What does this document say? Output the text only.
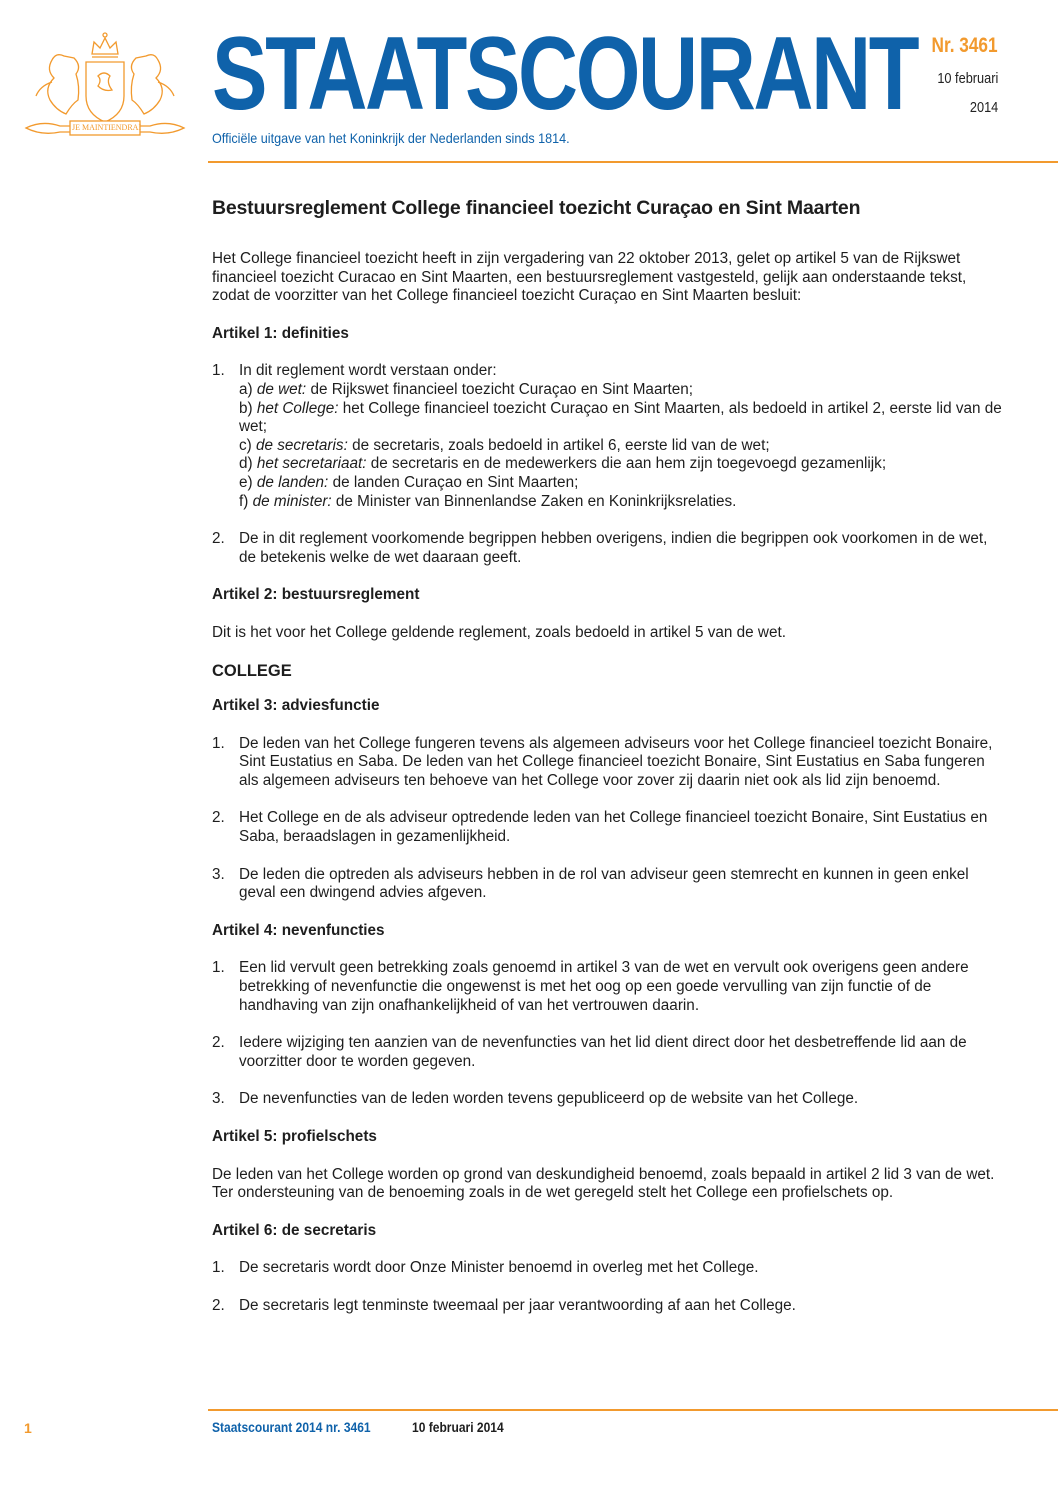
JE MAINTIENDRAI STAATSCOURANT
Officiële uitgave van het Koninkrijk der Nederlanden sinds 1814.
Nr. 3461
10 februari
2014
Bestuursreglement College financieel toezicht Curaçao en Sint Maarten
Het College financieel toezicht heeft in zijn vergadering van 22 oktober 2013, gelet op artikel 5 van de Rijkswet financieel toezicht Curacao en Sint Maarten, een bestuursreglement vastgesteld, gelijk aan onderstaande tekst, zodat de voorzitter van het College financieel toezicht Curaçao en Sint Maarten besluit:
Artikel 1: definities
1. In dit reglement wordt verstaan onder:
a) de wet: de Rijkswet financieel toezicht Curaçao en Sint Maarten;
b) het College: het College financieel toezicht Curaçao en Sint Maarten, als bedoeld in artikel 2, eerste lid van de wet;
c) de secretaris: de secretaris, zoals bedoeld in artikel 6, eerste lid van de wet;
d) het secretariaat: de secretaris en de medewerkers die aan hem zijn toegevoegd gezamenlijk;
e) de landen: de landen Curaçao en Sint Maarten;
f) de minister: de Minister van Binnenlandse Zaken en Koninkrijksrelaties.
2. De in dit reglement voorkomende begrippen hebben overigens, indien die begrippen ook voorkomen in de wet, de betekenis welke de wet daaraan geeft.
Artikel 2: bestuursreglement
Dit is het voor het College geldende reglement, zoals bedoeld in artikel 5 van de wet.
COLLEGE
Artikel 3: adviesfunctie
1. De leden van het College fungeren tevens als algemeen adviseurs voor het College financieel toezicht Bonaire, Sint Eustatius en Saba. De leden van het College financieel toezicht Bonaire, Sint Eustatius en Saba fungeren als algemeen adviseurs ten behoeve van het College voor zover zij daarin niet ook als lid zijn benoemd.
2. Het College en de als adviseur optredende leden van het College financieel toezicht Bonaire, Sint Eustatius en Saba, beraadslagen in gezamenlijkheid.
3. De leden die optreden als adviseurs hebben in de rol van adviseur geen stemrecht en kunnen in geen enkel geval een dwingend advies afgeven.
Artikel 4: nevenfuncties
1. Een lid vervult geen betrekking zoals genoemd in artikel 3 van de wet en vervult ook overigens geen andere betrekking of nevenfunctie die ongewenst is met het oog op een goede vervulling van zijn functie of de handhaving van zijn onafhankelijkheid of van het vertrouwen daarin.
2. Iedere wijziging ten aanzien van de nevenfuncties van het lid dient direct door het desbetreffende lid aan de voorzitter door te worden gegeven.
3. De nevenfuncties van de leden worden tevens gepubliceerd op de website van het College.
Artikel 5: profielschets
De leden van het College worden op grond van deskundigheid benoemd, zoals bepaald in artikel 2 lid 3 van de wet. Ter ondersteuning van de benoeming zoals in de wet geregeld stelt het College een profielschets op.
Artikel 6: de secretaris
1. De secretaris wordt door Onze Minister benoemd in overleg met het College.
2. De secretaris legt tenminste tweemaal per jaar verantwoording af aan het College.
1	Staatscourant 2014 nr. 3461	10 februari 2014
